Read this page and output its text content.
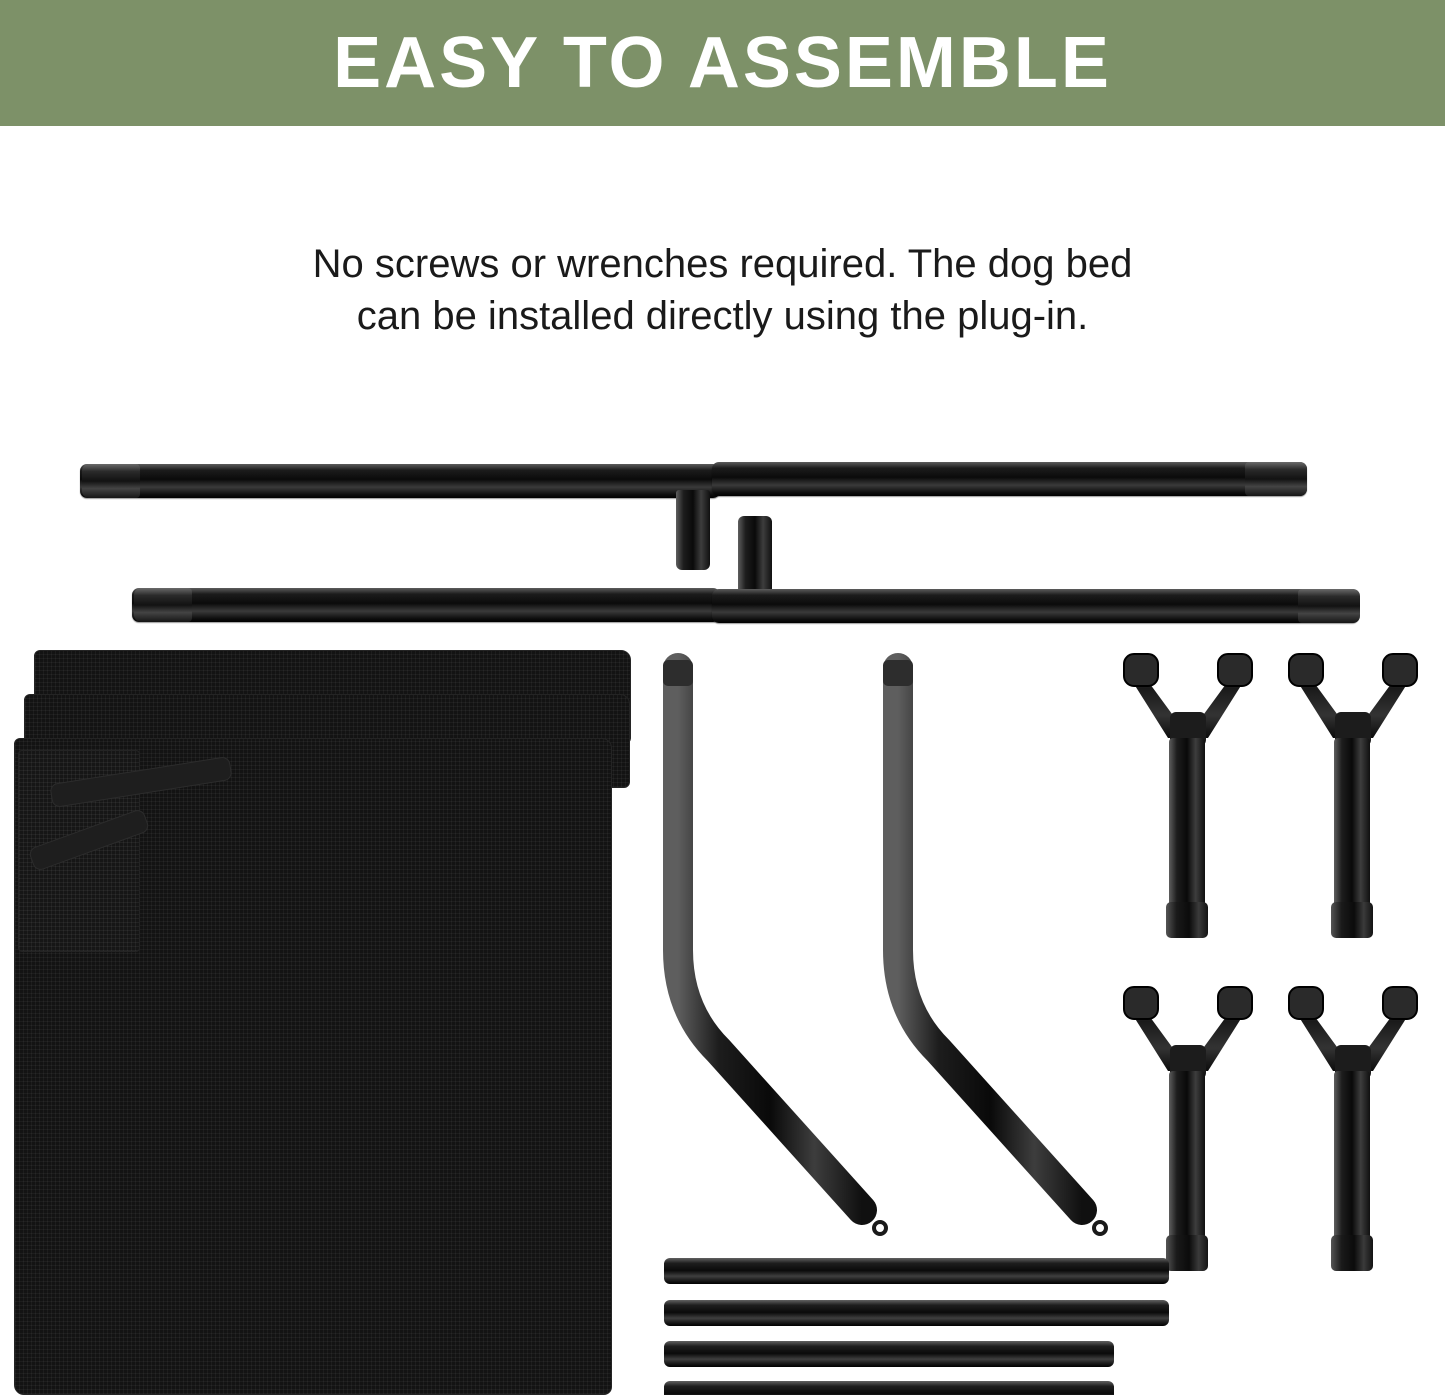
EASY TO ASSEMBLE
No screws or wrenches required. The dog bed
can be installed directly using the plug-in.
